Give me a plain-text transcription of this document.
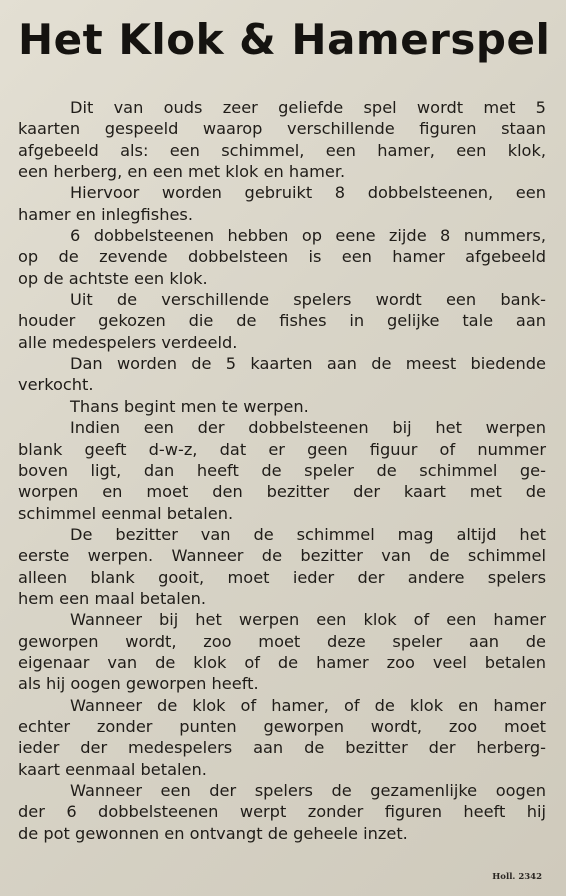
Het Klok & Hamerspel

Dit van ouds zeer geliefde spel wordt met 5
kaarten gespeeld waarop verschillende figuren staan
afgebeeld als: een schimmel, een hamer, een klok,
een herberg, en een met klok en hamer.

Hiervoor worden gebruikt 8 dobbelsteenen, een
hamer en inlegfishes.

6 dobbelsteenen hebben op eene zijde 8 nummers,
op de zevende dobbelsteen is een hamer afgebeeld
op de achtste een klok.

Uit de verschillende spelers wordt een bank-
houder gekozen die de fishes in gelijke tale aan
alle medespelers verdeeld.

Dan worden de 5 kaarten aan de meest biedende
verkocht.

Thans begint men te werpen.

Indien een der dobbelsteenen bij het werpen
blank geeft d-w-z, dat er geen figuur of nummer
boven ligt, dan heeft de speler de schimmel ge-
worpen en moet den bezitter der kaart met de
schimmel eenmal betalen.

De bezitter van de schimmel mag altijd het
eerste werpen. Wanneer de bezitter van de schimmel
alleen blank gooit, moet ieder der andere spelers
hem een maal betalen.

Wanneer bij het werpen een klok of een hamer
geworpen wordt, zoo moet deze speler aan de
eigenaar van de klok of de hamer zoo veel betalen
als hij oogen geworpen heeft.

Wanneer de klok of hamer, of de klok en hamer
echter zonder punten geworpen wordt, zoo moet
ieder der medespelers aan de bezitter der herberg-
kaart eenmaal betalen.

Wanneer een der spelers de gezamenlijke oogen
der 6 dobbelsteenen werpt zonder figuren heeft hij
de pot gewonnen en ontvangt de geheele inzet.

Holl. 2342
